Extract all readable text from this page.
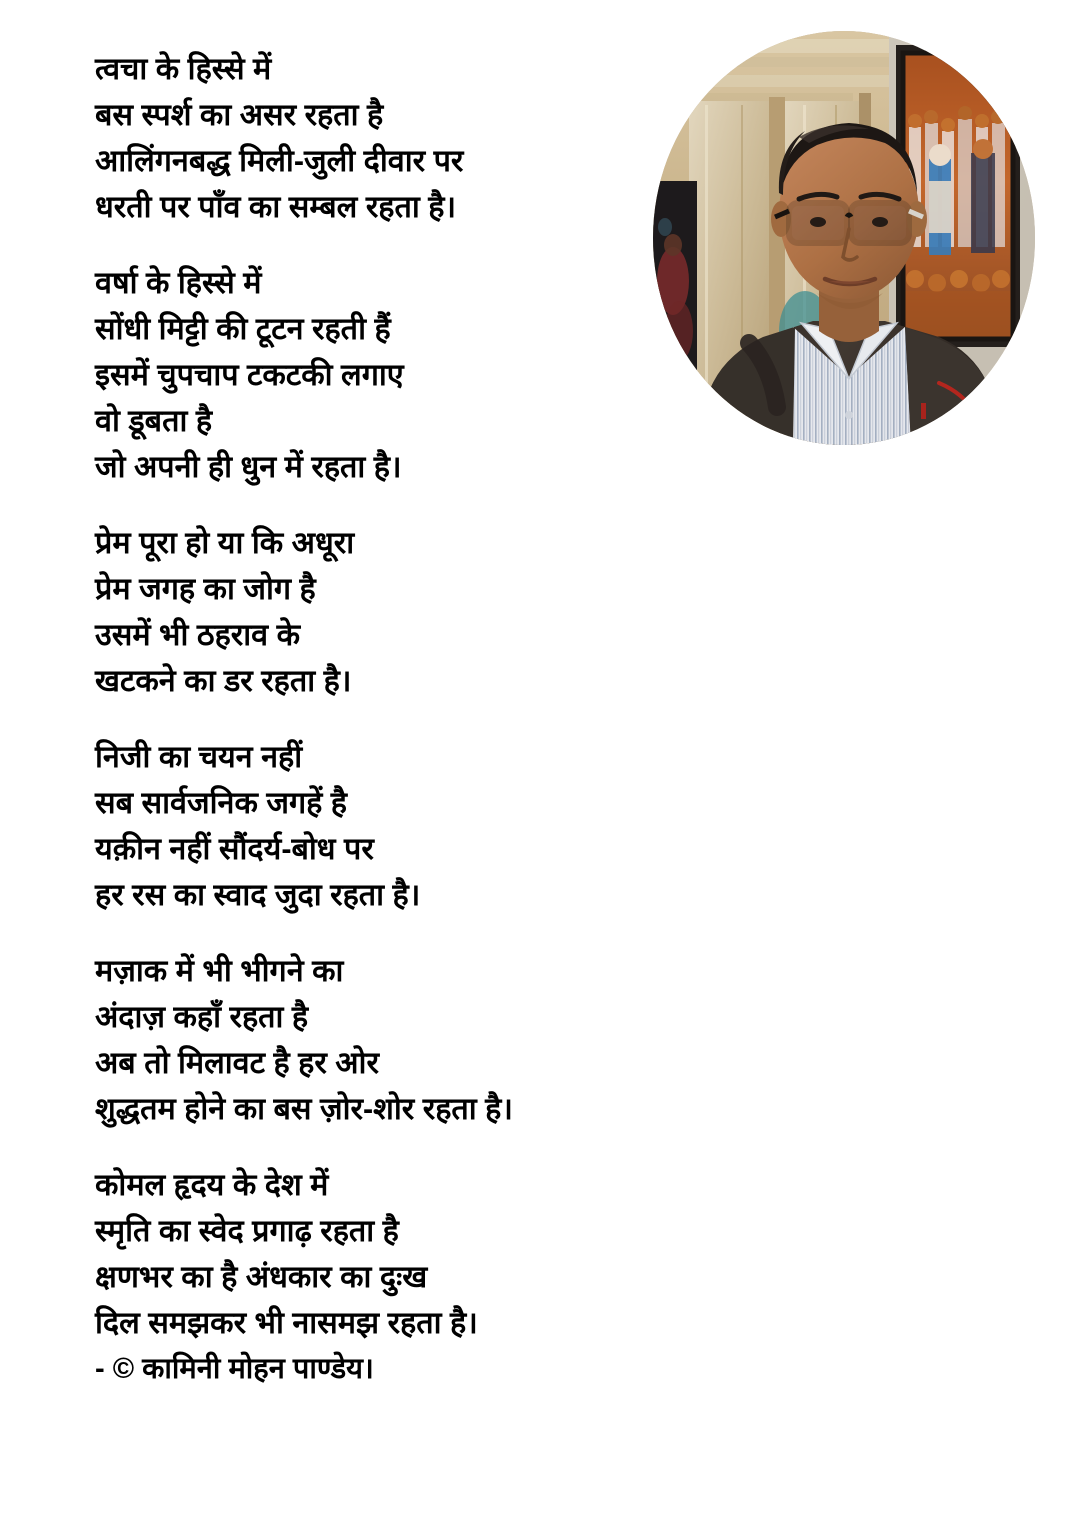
त्वचा के हिस्से में
बस स्पर्श का असर रहता है
आलिंगनबद्ध मिली-जुली दीवार पर
धरती पर पाँव का सम्बल रहता है।
वर्षा के हिस्से में
सोंधी मिट्टी की टूटन रहती हैं
इसमें चुपचाप टकटकी लगाए
वो डूबता है
जो अपनी ही धुन में रहता है।
प्रेम पूरा हो या कि अधूरा
प्रेम जगह का जोग है
उसमें भी ठहराव के
खटकने का डर रहता है।
निजी का चयन नहीं
सब सार्वजनिक जगहें है
यक़ीन नहीं सौंदर्य-बोध पर
हर रस का स्वाद जुदा रहता है।
मज़ाक में भी भीगने का
अंदाज़ कहाँ रहता है
अब तो मिलावट है हर ओर
शुद्धतम होने का बस ज़ोर-शोर रहता है।
कोमल हृदय के देश में
स्मृति का स्वेद प्रगाढ़ रहता है
क्षणभर का है अंधकार का दुःख
दिल समझकर भी नासमझ रहता है।
- © कामिनी मोहन पाण्डेय।
